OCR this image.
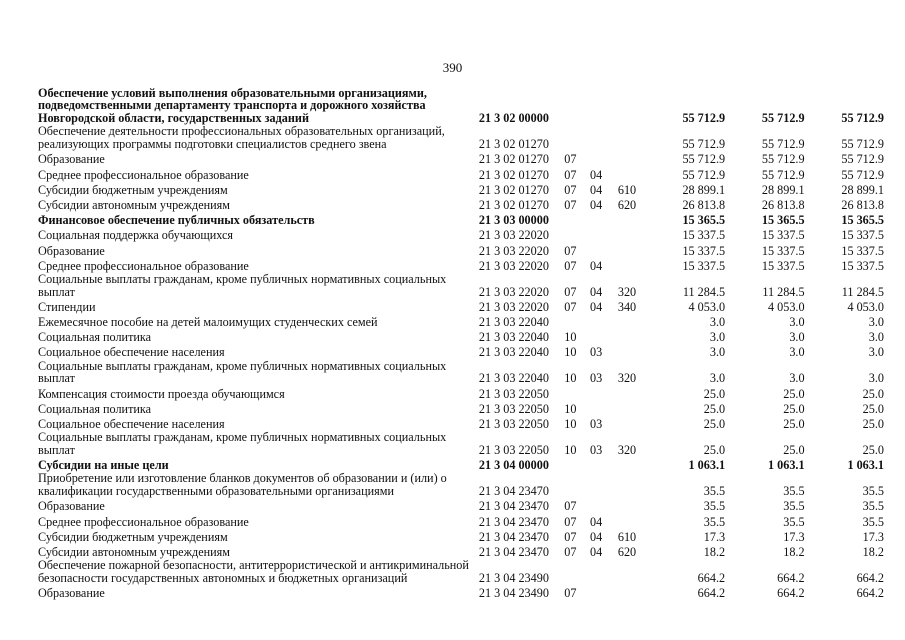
390
Обеспечение условий выполнения образовательными организациями, подведомственными департаменту транспорта и дорожного хозяйства Новгородской области, государственных заданий	21 3 02 00000	55 712.9	55 712.9	55 712.9
Обеспечение деятельности профессиональных образовательных организаций, реализующих программы подготовки специалистов среднего звена	21 3 02 01270	55 712.9	55 712.9	55 712.9
Образование	21 3 02 01270	07	55 712.9	55 712.9	55 712.9
Среднее профессиональное образование	21 3 02 01270	07	04	55 712.9	55 712.9	55 712.9
Субсидии бюджетным учреждениям	21 3 02 01270	07	04	610	28 899.1	28 899.1	28 899.1
Субсидии автономным учреждениям	21 3 02 01270	07	04	620	26 813.8	26 813.8	26 813.8
Финансовое обеспечение публичных обязательств	21 3 03 00000	15 365.5	15 365.5	15 365.5
Социальная поддержка обучающихся	21 3 03 22020	15 337.5	15 337.5	15 337.5
Образование	21 3 03 22020	07	15 337.5	15 337.5	15 337.5
Среднее профессиональное образование	21 3 03 22020	07	04	15 337.5	15 337.5	15 337.5
Социальные выплаты гражданам, кроме публичных нормативных социальных выплат	21 3 03 22020	07	04	320	11 284.5	11 284.5	11 284.5
Стипендии	21 3 03 22020	07	04	340	4 053.0	4 053.0	4 053.0
Ежемесячное пособие на детей малоимущих студенческих семей	21 3 03 22040	3.0	3.0	3.0
Социальная политика	21 3 03 22040	10	3.0	3.0	3.0
Социальное обеспечение населения	21 3 03 22040	10	03	3.0	3.0	3.0
Социальные выплаты гражданам, кроме публичных нормативных социальных выплат	21 3 03 22040	10	03	320	3.0	3.0	3.0
Компенсация стоимости проезда обучающимся	21 3 03 22050	25.0	25.0	25.0
Социальная политика	21 3 03 22050	10	25.0	25.0	25.0
Социальное обеспечение населения	21 3 03 22050	10	03	25.0	25.0	25.0
Социальные выплаты гражданам, кроме публичных нормативных социальных выплат	21 3 03 22050	10	03	320	25.0	25.0	25.0
Субсидии на иные цели	21 3 04 00000	1 063.1	1 063.1	1 063.1
Приобретение или изготовление бланков документов об образовании и (или) о квалификации государственными образовательными организациями	21 3 04 23470	35.5	35.5	35.5
Образование	21 3 04 23470	07	35.5	35.5	35.5
Среднее профессиональное образование	21 3 04 23470	07	04	35.5	35.5	35.5
Субсидии бюджетным учреждениям	21 3 04 23470	07	04	610	17.3	17.3	17.3
Субсидии автономным учреждениям	21 3 04 23470	07	04	620	18.2	18.2	18.2
Обеспечение пожарной безопасности, антитеррористической и антикриминальной безопасности государственных автономных и бюджетных организаций	21 3 04 23490	664.2	664.2	664.2
Образование	21 3 04 23490	07	664.2	664.2	664.2
